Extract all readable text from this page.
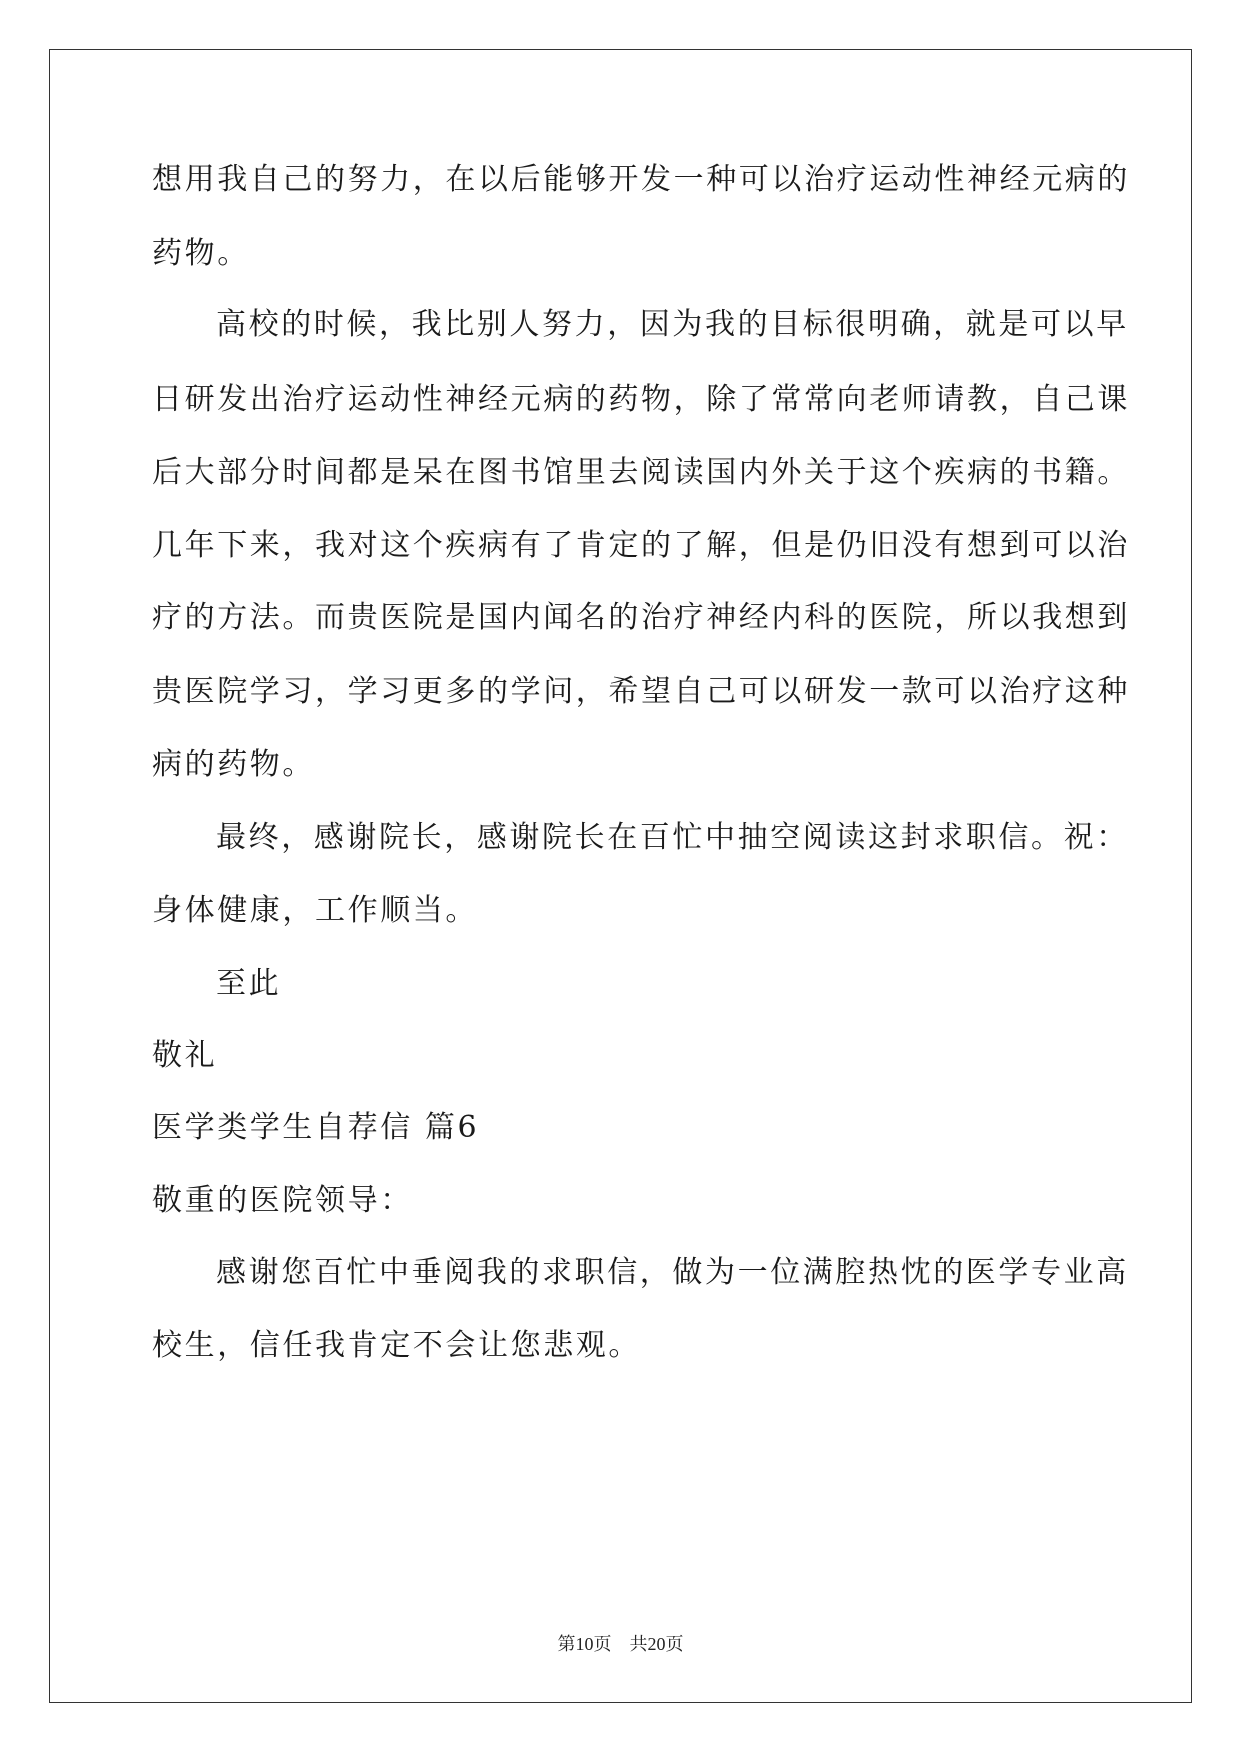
想用我自己的努力，在以后能够开发一种可以治疗运动性神经元病的
药物。
高校的时候，我比别人努力，因为我的目标很明确，就是可以早
日研发出治疗运动性神经元病的药物，除了常常向老师请教，自己课
后大部分时间都是呆在图书馆里去阅读国内外关于这个疾病的书籍。
几年下来，我对这个疾病有了肯定的了解，但是仍旧没有想到可以治
疗的方法。而贵医院是国内闻名的治疗神经内科的医院，所以我想到
贵医院学习，学习更多的学问，希望自己可以研发一款可以治疗这种
病的药物。
最终，感谢院长，感谢院长在百忙中抽空阅读这封求职信。祝：
身体健康，工作顺当。
至此
敬礼
医学类学生自荐信 篇6
敬重的医院领导：
感谢您百忙中垂阅我的求职信，做为一位满腔热忱的医学专业高
校生，信任我肯定不会让您悲观。
第10页　共20页
